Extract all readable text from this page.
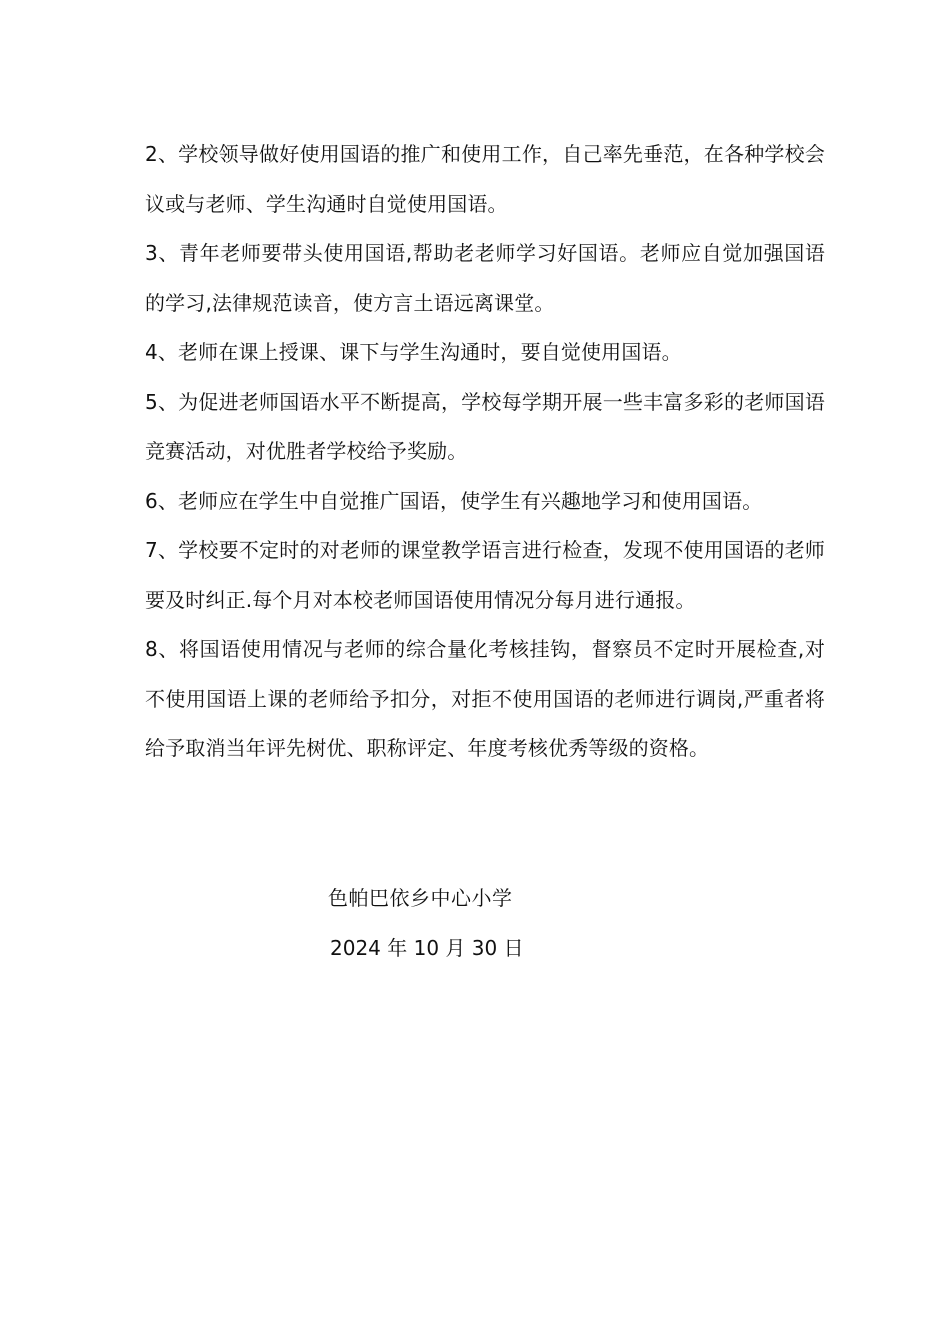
2、学校领导做好使用国语的推广和使用工作，自己率先垂范，在各种学校会议或与老师、学生沟通时自觉使用国语。

3、青年老师要带头使用国语,帮助老老师学习好国语。老师应自觉加强国语的学习,法律规范读音，使方言土语远离课堂。

4、老师在课上授课、课下与学生沟通时，要自觉使用国语。

5、为促进老师国语水平不断提高，学校每学期开展一些丰富多彩的老师国语竞赛活动，对优胜者学校给予奖励。

6、老师应在学生中自觉推广国语，使学生有兴趣地学习和使用国语。

7、学校要不定时的对老师的课堂教学语言进行检查，发现不使用国语的老师要及时纠正.每个月对本校老师国语使用情况分每月进行通报。

8、将国语使用情况与老师的综合量化考核挂钩，督察员不定时开展检查,对不使用国语上课的老师给予扣分，对拒不使用国语的老师进行调岗,严重者将给予取消当年评先树优、职称评定、年度考核优秀等级的资格。

色帕巴依乡中心小学
2024 年 10 月 30 日
